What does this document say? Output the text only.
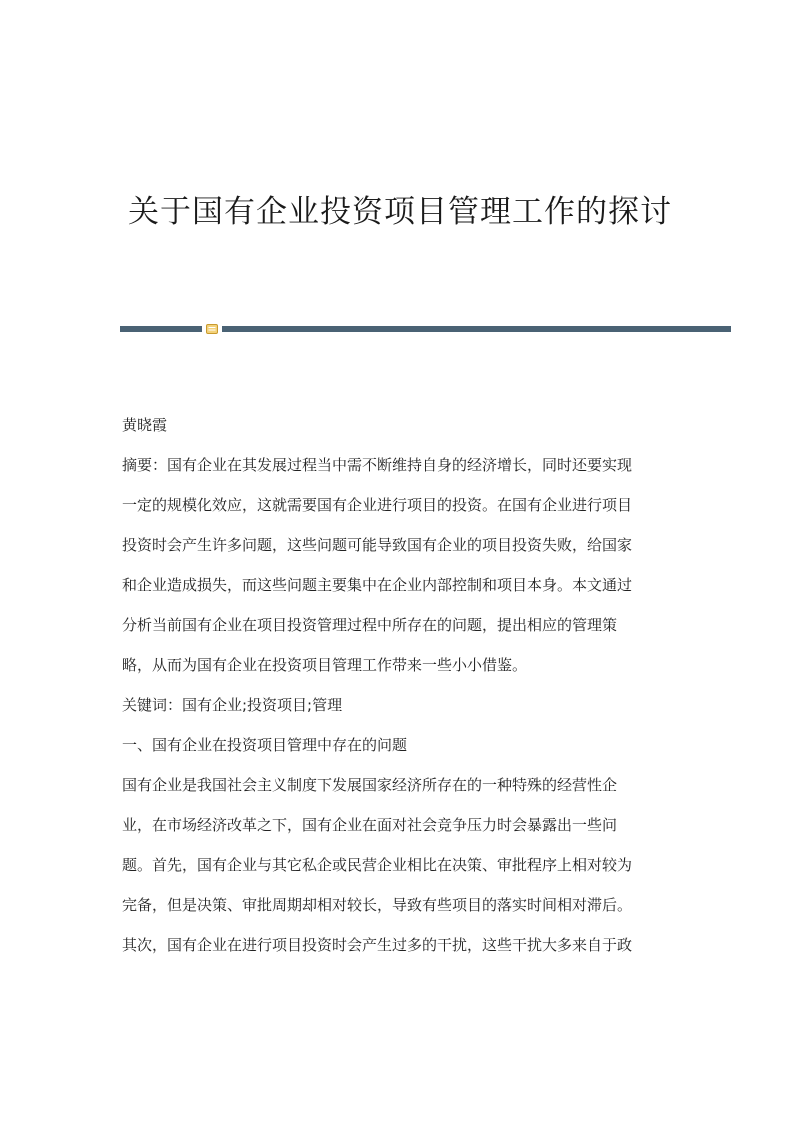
关于国有企业投资项目管理工作的探讨

黄晓霞

摘要：国有企业在其发展过程当中需不断维持自身的经济增长，同时还要实现
一定的规模化效应，这就需要国有企业进行项目的投资。在国有企业进行项目
投资时会产生许多问题，这些问题可能导致国有企业的项目投资失败，给国家
和企业造成损失，而这些问题主要集中在企业内部控制和项目本身。本文通过
分析当前国有企业在项目投资管理过程中所存在的问题，提出相应的管理策
略，从而为国有企业在投资项目管理工作带来一些小小借鉴。

关键词：国有企业;投资项目;管理

一、国有企业在投资项目管理中存在的问题

国有企业是我国社会主义制度下发展国家经济所存在的一种特殊的经营性企
业，在市场经济改革之下，国有企业在面对社会竞争压力时会暴露出一些问
题。首先，国有企业与其它私企或民营企业相比在决策、审批程序上相对较为
完备，但是决策、审批周期却相对较长，导致有些项目的落实时间相对滞后。
其次，国有企业在进行项目投资时会产生过多的干扰，这些干扰大多来自于政
